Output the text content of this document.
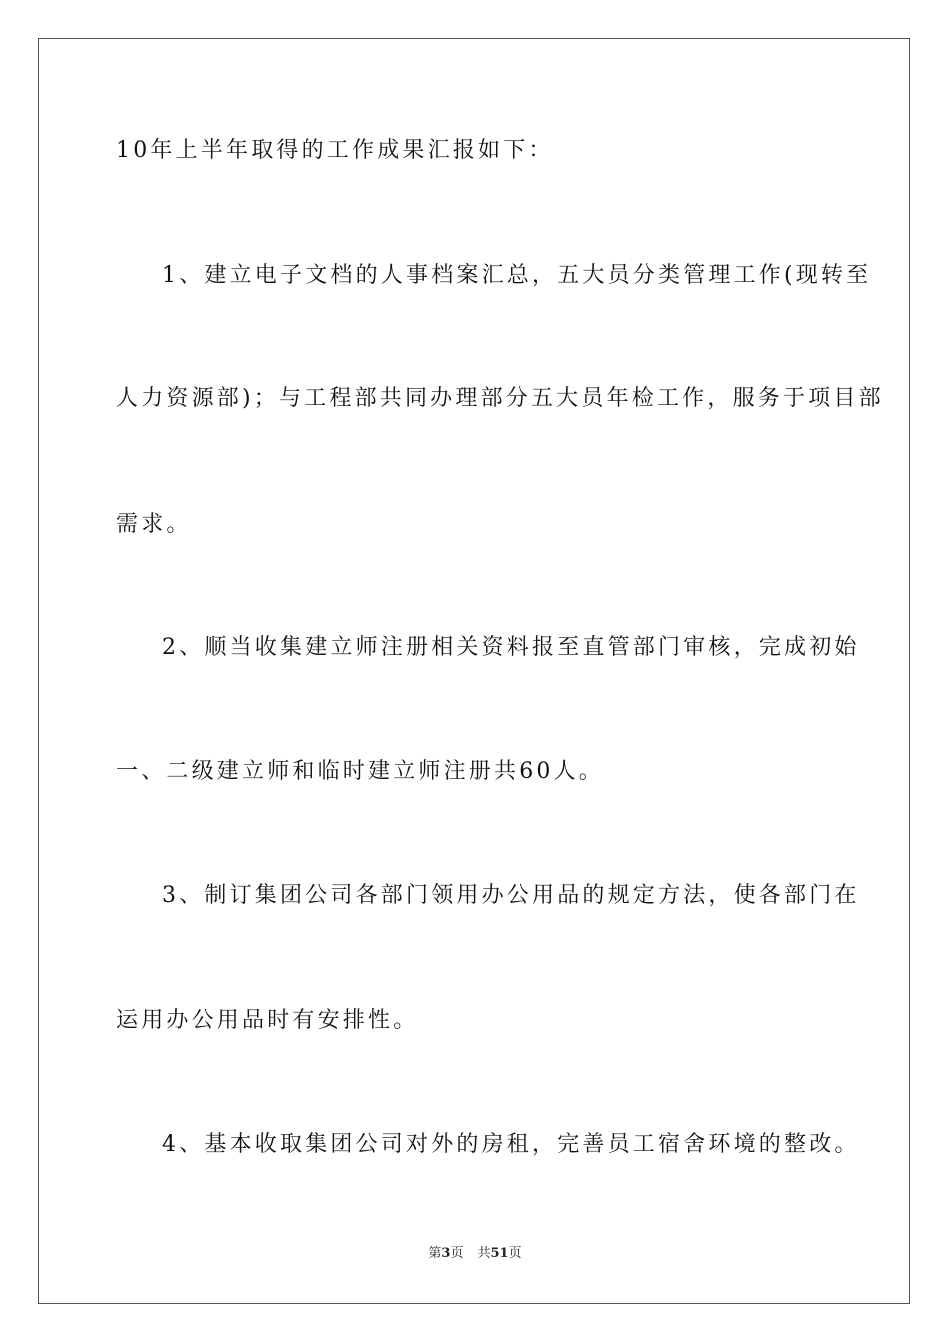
10年上半年取得的工作成果汇报如下：
1、建立电子文档的人事档案汇总，五大员分类管理工作(现转至
人力资源部)；与工程部共同办理部分五大员年检工作，服务于项目部
需求。
2、顺当收集建立师注册相关资料报至直管部门审核，完成初始
一、二级建立师和临时建立师注册共60人。
3、制订集团公司各部门领用办公用品的规定方法，使各部门在
运用办公用品时有安排性。
4、基本收取集团公司对外的房租，完善员工宿舍环境的整改。
第3页 共51页
